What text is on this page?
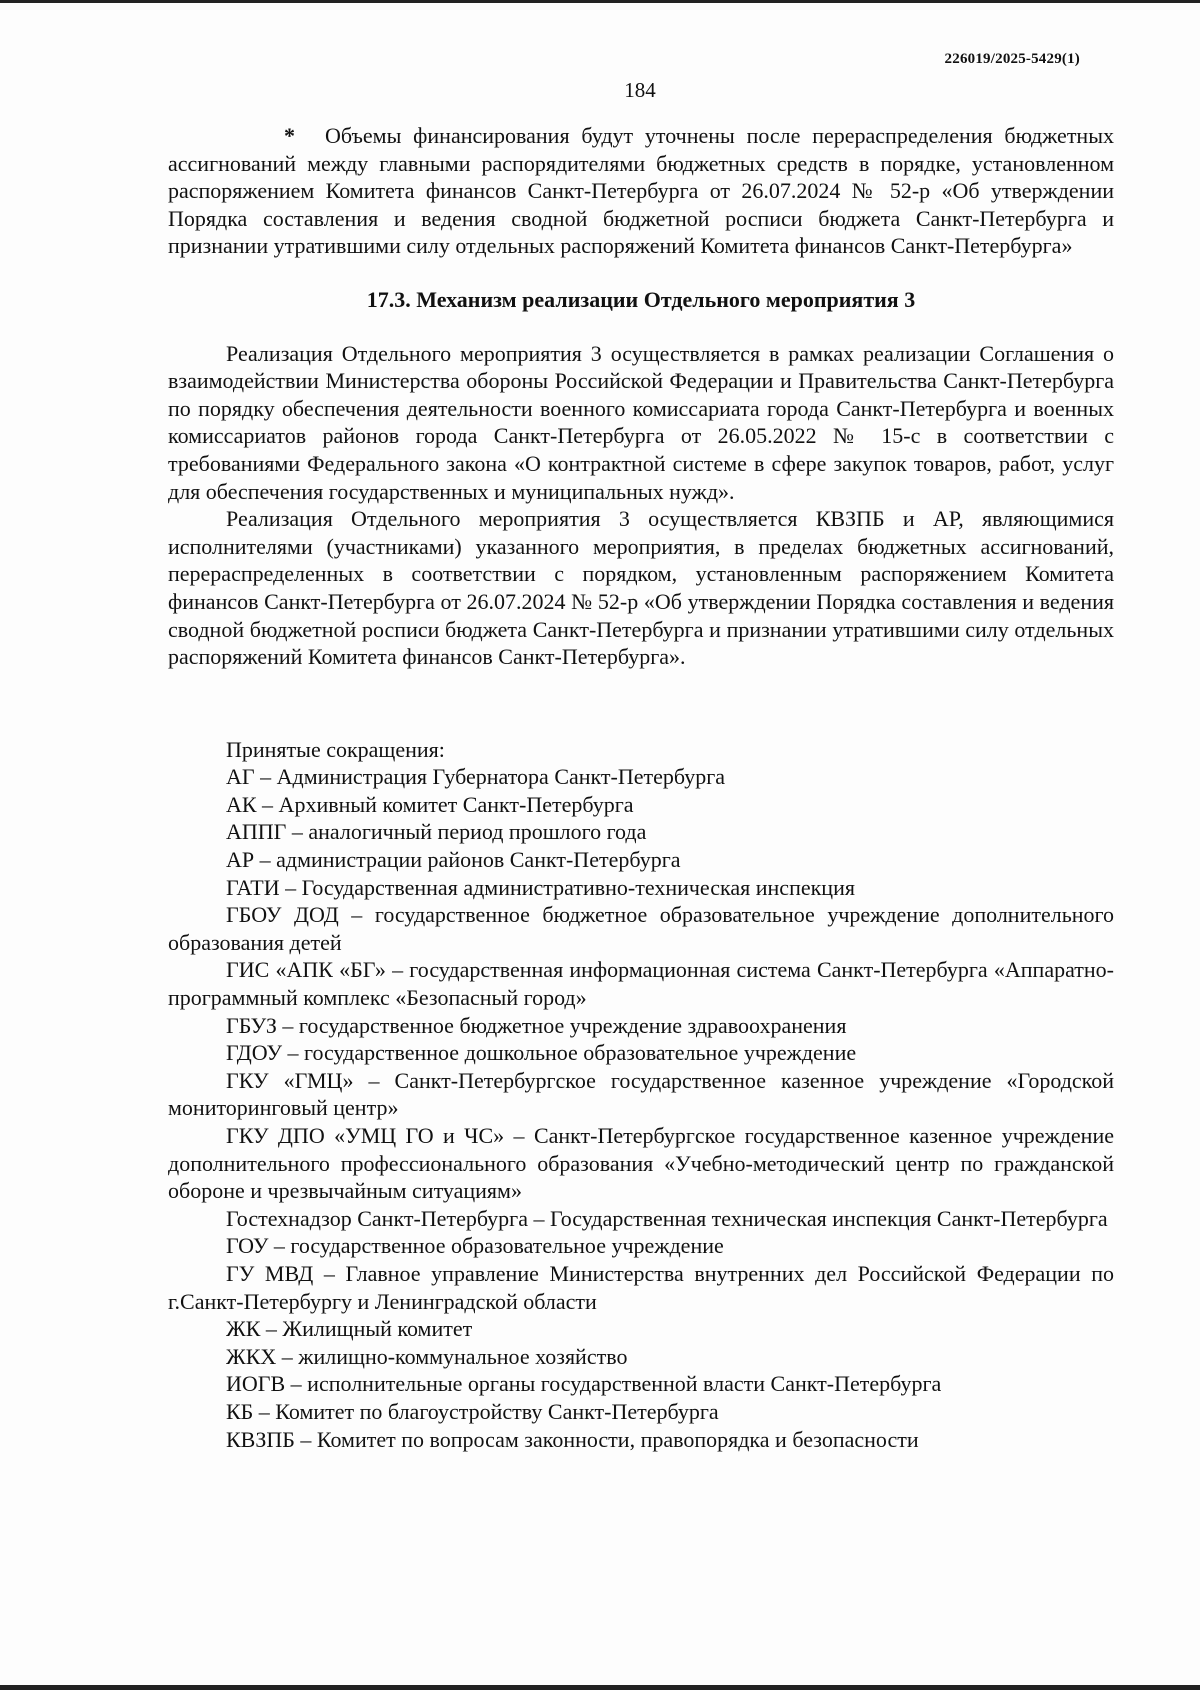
226019/2025-5429(1)
184

* Объемы финансирования будут уточнены после перераспределения бюджетных ассигнований между главными распорядителями бюджетных средств в порядке, установленном распоряжением Комитета финансов Санкт-Петербурга от 26.07.2024 № 52-р «Об утверждении Порядка составления и ведения сводной бюджетной росписи бюджета Санкт-Петербурга и признании утратившими силу отдельных распоряжений Комитета финансов Санкт-Петербурга»

17.3. Механизм реализации Отдельного мероприятия 3

Реализация Отдельного мероприятия 3 осуществляется в рамках реализации Соглашения о взаимодействии Министерства обороны Российской Федерации и Правительства Санкт-Петербурга по порядку обеспечения деятельности военного комиссариата города Санкт-Петербурга и военных комиссариатов районов города Санкт-Петербурга от 26.05.2022 № 15-с в соответствии с требованиями Федерального закона «О контрактной системе в сфере закупок товаров, работ, услуг для обеспечения государственных и муниципальных нужд».

Реализация Отдельного мероприятия 3 осуществляется КВЗПБ и АР, являющимися исполнителями (участниками) указанного мероприятия, в пределах бюджетных ассигнований, перераспределенных в соответствии с порядком, установленным распоряжением Комитета финансов Санкт-Петербурга от 26.07.2024 № 52-р «Об утверждении Порядка составления и ведения сводной бюджетной росписи бюджета Санкт-Петербурга и признании утратившими силу отдельных распоряжений Комитета финансов Санкт-Петербурга».

Принятые сокращения:

АГ – Администрация Губернатора Санкт-Петербурга

АК – Архивный комитет Санкт-Петербурга

АППГ – аналогичный период прошлого года

АР – администрации районов Санкт-Петербурга

ГАТИ – Государственная административно-техническая инспекция

ГБОУ ДОД – государственное бюджетное образовательное учреждение дополнительного образования детей

ГИС «АПК «БГ» – государственная информационная система Санкт-Петербурга «Аппаратно-программный комплекс «Безопасный город»

ГБУЗ – государственное бюджетное учреждение здравоохранения

ГДОУ – государственное дошкольное образовательное учреждение

ГКУ «ГМЦ» – Санкт-Петербургское государственное казенное учреждение «Городской мониторинговый центр»

ГКУ ДПО «УМЦ ГО и ЧС» – Санкт-Петербургское государственное казенное учреждение дополнительного профессионального образования «Учебно-методический центр по гражданской обороне и чрезвычайным ситуациям»

Гостехнадзор Санкт-Петербурга – Государственная техническая инспекция Санкт-Петербурга

ГОУ – государственное образовательное учреждение

ГУ МВД – Главное управление Министерства внутренних дел Российской Федерации по г.Санкт-Петербургу и Ленинградской области

ЖК – Жилищный комитет

ЖКХ – жилищно-коммунальное хозяйство

ИОГВ – исполнительные органы государственной власти Санкт-Петербурга

КБ – Комитет по благоустройству Санкт-Петербурга

КВЗПБ – Комитет по вопросам законности, правопорядка и безопасности
